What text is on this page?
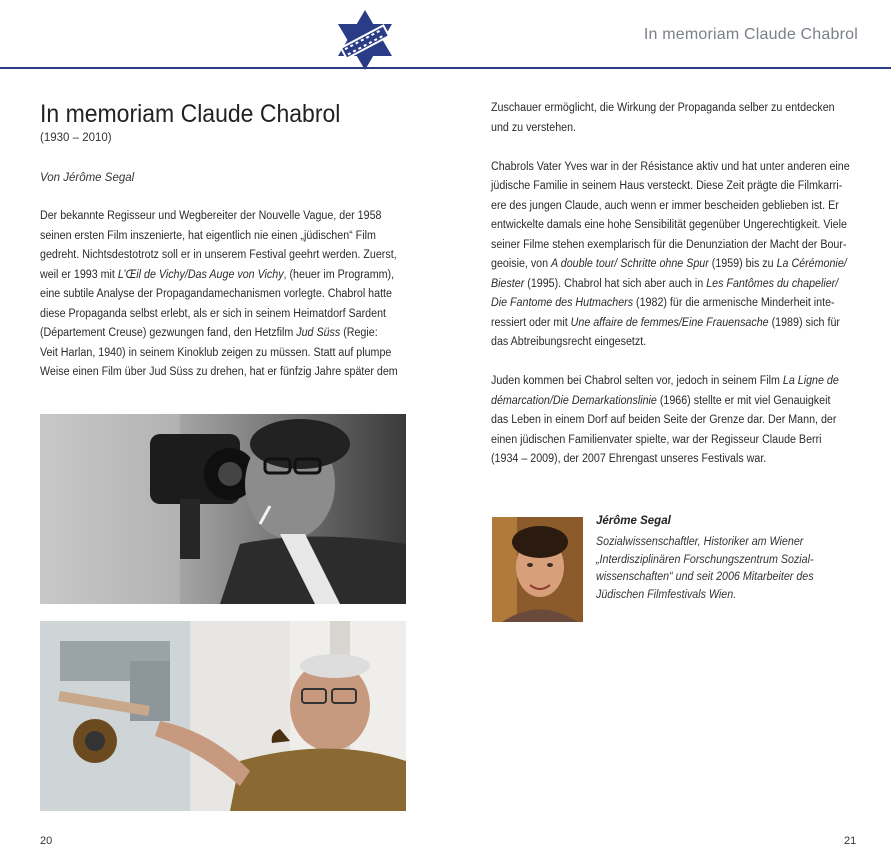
In memoriam Claude Chabrol
In memoriam Claude Chabrol
(1930 – 2010)
Von Jérôme Segal

Der bekannte Regisseur und Wegbereiter der Nouvelle Vague, der 1958

seinen ersten Film inszenierte, hat eigentlich nie einen „jüdischen“ Film

gedreht. Nichtsdestotrotz soll er in unserem Festival geehrt werden. Zuerst,

weil er 1993 mit L’Œil de Vichy/Das Auge von Vichy, (heuer im Programm),

eine subtile Analyse der Propagandamechanismen vorlegte. Chabrol hatte

diese Propaganda selbst erlebt, als er sich in seinem Heimatdorf Sardent

(Département Creuse) gezwungen fand, den Hetzfilm Jud Süss (Regie:

Veit Harlan, 1940) in seinem Kinoklub zeigen zu müssen. Statt auf plumpe

Weise einen Film über Jud Süss zu drehen, hat er fünfzig Jahre später dem

Zuschauer ermöglicht, die Wirkung der Propaganda selber zu entdecken

und zu verstehen.

Chabrols Vater Yves war in der Résistance aktiv und hat unter anderen eine

jüdische Familie in seinem Haus versteckt. Diese Zeit prägte die Filmkarri-

ere des jungen Claude, auch wenn er immer bescheiden geblieben ist. Er

entwickelte damals eine hohe Sensibilität gegenüber Ungerechtigkeit. Viele

seiner Filme stehen exemplarisch für die Denunziation der Macht der Bour-

geoisie, von A double tour/ Schritte ohne Spur (1959) bis zu La Cérémonie/

Biester (1995). Chabrol hat sich aber auch in Les Fantômes du chapelier/

Die Fantome des Hutmachers (1982) für die armenische Minderheit inte-

ressiert oder mit Une affaire de femmes/Eine Frauensache (1989) sich für

das Abtreibungsrecht eingesetzt.

Juden kommen bei Chabrol selten vor, jedoch in seinem Film La Ligne de

démarcation/Die Demarkationslinie (1966) stellte er mit viel Genauigkeit

das Leben in einem Dorf auf beiden Seite der Grenze dar. Der Mann, der

einen jüdischen Familienvater spielte, war der Regisseur Claude Berri

(1934 – 2009), der 2007 Ehrengast unseres Festivals war.

Jérôme Segal

Sozialwissenschaftler, Historiker am Wiener

„Interdisziplinären Forschungszentrum Sozial-

wissenschaften“ und seit 2006 Mitarbeiter des

Jüdischen Filmfestivals Wien.

20	21
